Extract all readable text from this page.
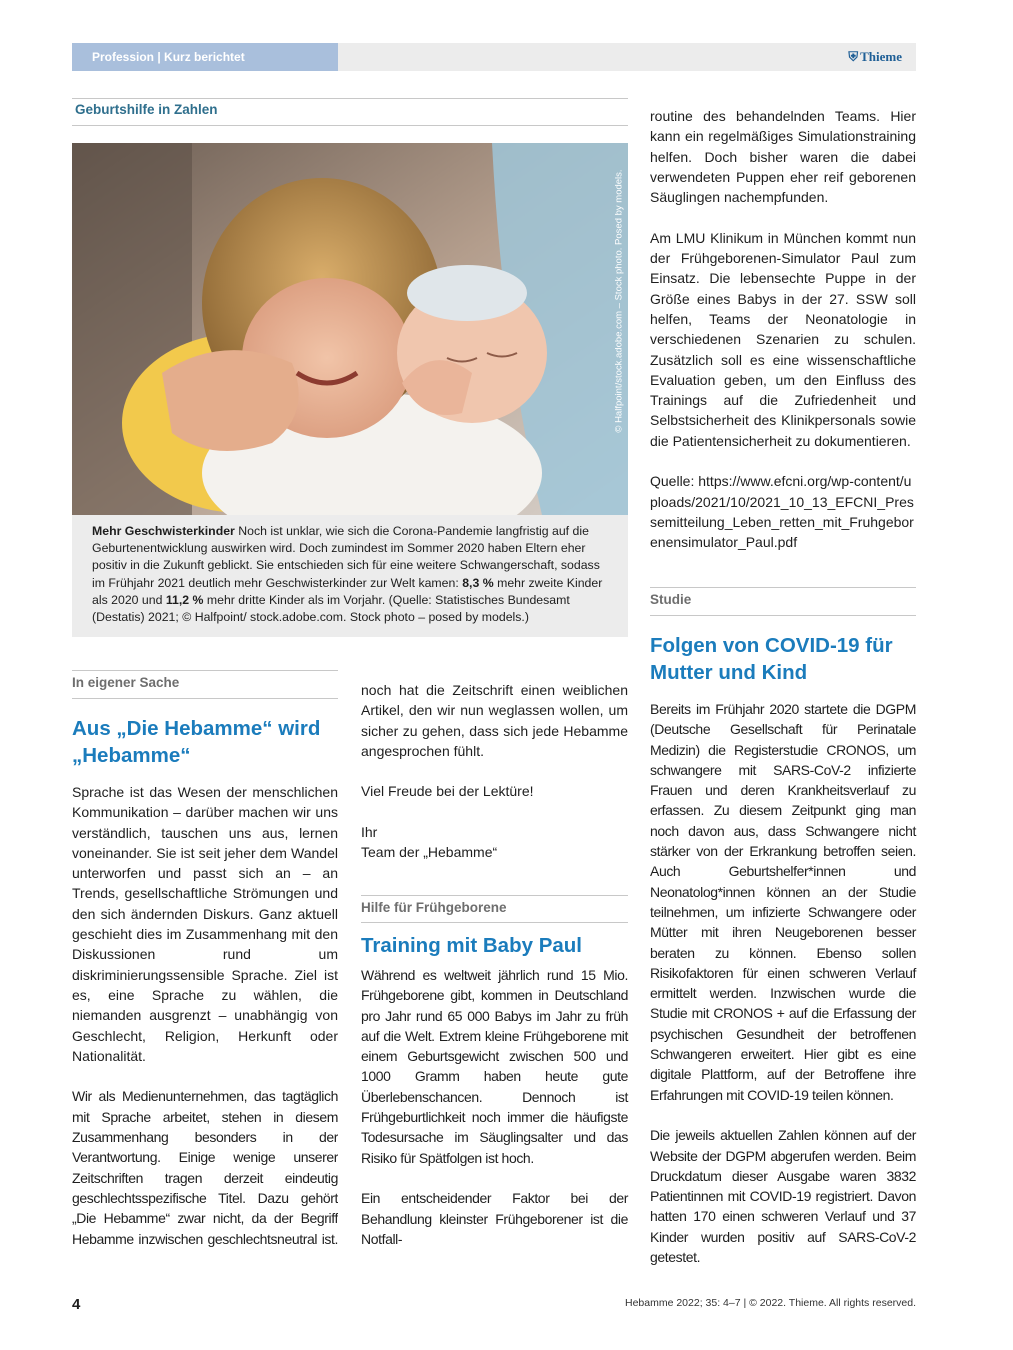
Profession | Kurz berichtet	⛨ Thieme
Geburtshilfe in Zahlen
© Halfpoint/stock.adobe.com – Stock photo. Posed by models.
Mehr Geschwisterkinder Noch ist unklar, wie sich die Corona-Pandemie langfristig auf die Geburtenentwicklung auswirken wird. Doch zumindest im Sommer 2020 haben Eltern eher positiv in die Zukunft geblickt. Sie entschieden sich für eine weitere Schwangerschaft, sodass im Frühjahr 2021 deutlich mehr Geschwisterkinder zur Welt kamen: 8,3 % mehr zweite Kinder als 2020 und 11,2 % mehr dritte Kinder als im Vorjahr. (Quelle: Statistisches Bundesamt (Destatis) 2021; © Halfpoint/ stock.adobe.com. Stock photo – posed by models.)
In eigener Sache
Aus „Die Hebamme“ wird „Hebamme“

Sprache ist das Wesen der menschlichen Kommunikation – darüber machen wir uns verständlich, tauschen uns aus, lernen voneinander. Sie ist seit jeher dem Wandel unterworfen und passt sich an – an Trends, gesellschaftliche Strömungen und den sich ändernden Diskurs. Ganz aktuell geschieht dies im Zusammenhang mit den Diskussionen rund um diskriminierungssensible Sprache. Ziel ist es, eine Sprache zu wählen, die niemanden ausgrenzt – unabhängig von Geschlecht, Religion, Herkunft oder Nationalität.

Wir als Medienunternehmen, das tagtäglich mit Sprache arbeitet, stehen in diesem Zusammenhang besonders in der Verantwortung. Einige wenige unserer Zeitschriften tragen derzeit eindeutig geschlechtsspezifische Titel. Dazu gehört „Die Hebamme“ zwar nicht, da der Begriff Hebamme inzwischen geschlechtsneutral ist.

noch hat die Zeitschrift einen weiblichen Artikel, den wir nun weglassen wollen, um sicher zu gehen, dass sich jede Hebamme angesprochen fühlt.

Viel Freude bei der Lektüre!

Ihr
Team der „Hebamme“

Hilfe für Frühgeborene
Training mit Baby Paul

Während es weltweit jährlich rund 15 Mio. Frühgeborene gibt, kommen in Deutschland pro Jahr rund 65 000 Babys im Jahr zu früh auf die Welt. Extrem kleine Frühgeborene mit einem Geburtsgewicht zwischen 500 und 1000 Gramm haben heute gute Überlebenschancen. Dennoch ist Frühgeburtlichkeit noch immer die häufigste Todesursache im Säuglingsalter und das Risiko für Spätfolgen ist hoch.

Ein entscheidender Faktor bei der Behandlung kleinster Frühgeborener ist die Notfall-

routine des behandelnden Teams. Hier kann ein regelmäßiges Simulationstraining helfen. Doch bisher waren die dabei verwendeten Puppen eher reif geborenen Säuglingen nachempfunden.

Am LMU Klinikum in München kommt nun der Frühgeborenen-Simulator Paul zum Einsatz. Die lebensechte Puppe in der Größe eines Babys in der 27. SSW soll helfen, Teams der Neonatologie in verschiedenen Szenarien zu schulen. Zusätzlich soll es eine wissenschaftliche Evaluation geben, um den Einfluss des Trainings auf die Zufriedenheit und Selbstsicherheit des Klinikpersonals sowie die Patientensicherheit zu dokumentieren.

Quelle: https://www.efcni.org/wp-content/uploads/2021/10/2021_10_13_EFCNI_Pressemitteilung_Leben_retten_mit_Fruhgeborenensimulator_Paul.pdf

Studie
Folgen von COVID-19 für Mutter und Kind

Bereits im Frühjahr 2020 startete die DGPM (Deutsche Gesellschaft für Perinatale Medizin) die Registerstudie CRONOS, um schwangere mit SARS-CoV-2 infizierte Frauen und deren Krankheitsverlauf zu erfassen. Zu diesem Zeitpunkt ging man noch davon aus, dass Schwangere nicht stärker von der Erkrankung betroffen seien. Auch Geburtshelfer*innen und Neonatolog*innen können an der Studie teilnehmen, um infizierte Schwangere oder Mütter mit ihren Neugeborenen besser beraten zu können. Ebenso sollen Risikofaktoren für einen schweren Verlauf ermittelt werden. Inzwischen wurde die Studie mit CRONOS + auf die Erfassung der psychischen Gesundheit der betroffenen Schwangeren erweitert. Hier gibt es eine digitale Plattform, auf der Betroffene ihre Erfahrungen mit COVID-19 teilen können.

Die jeweils aktuellen Zahlen können auf der Website der DGPM abgerufen werden. Beim Druckdatum dieser Ausgabe waren 3832 Patientinnen mit COVID-19 registriert. Davon hatten 170 einen schweren Verlauf und 37 Kinder wurden positiv auf SARS-CoV-2 getestet.

4	Hebamme 2022; 35: 4–7 | © 2022. Thieme. All rights reserved.
